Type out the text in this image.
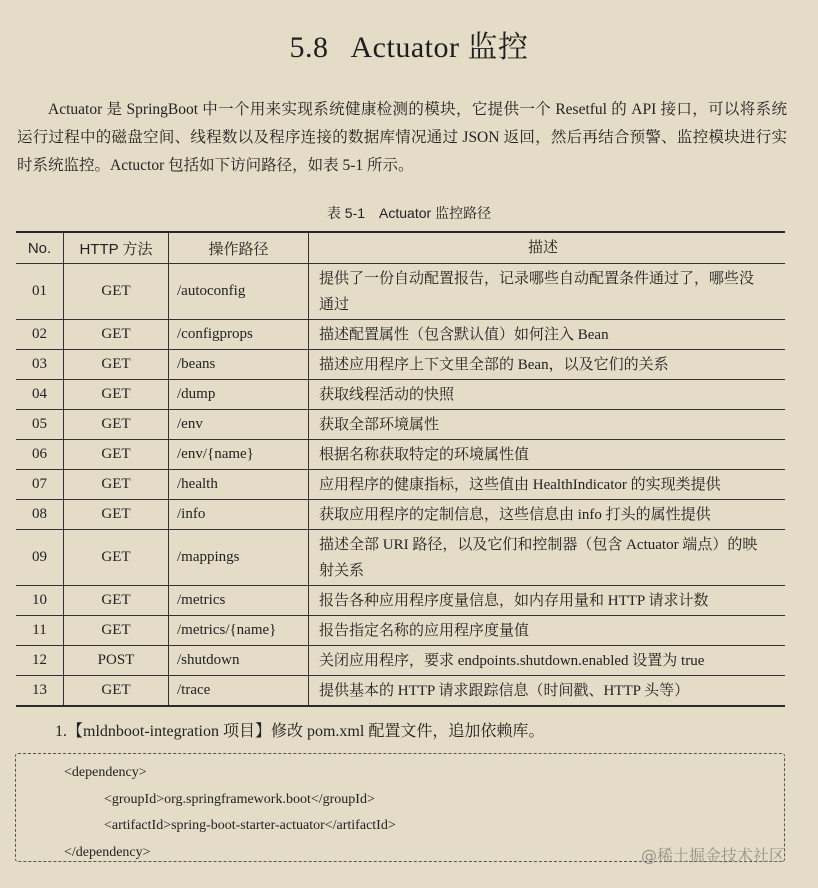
5.8 Actuator 监控

Actuator 是 SpringBoot 中一个用来实现系统健康检测的模块，它提供一个 Resetful 的 API 接口，可以将系统运行过程中的磁盘空间、线程数以及程序连接的数据库情况通过 JSON 返回，然后再结合预警、监控模块进行实时系统监控。Actuctor 包括如下访问路径，如表 5-1 所示。

表 5-1 Actuator 监控路径
No.	HTTP 方法	操作路径	描述
01	GET	/autoconfig	提供了一份自动配置报告，记录哪些自动配置条件通过了，哪些没通过
02	GET	/configprops	描述配置属性（包含默认值）如何注入 Bean
03	GET	/beans	描述应用程序上下文里全部的 Bean，以及它们的关系
04	GET	/dump	获取线程活动的快照
05	GET	/env	获取全部环境属性
06	GET	/env/{name}	根据名称获取特定的环境属性值
07	GET	/health	应用程序的健康指标，这些值由 HealthIndicator 的实现类提供
08	GET	/info	获取应用程序的定制信息，这些信息由 info 打头的属性提供
09	GET	/mappings	描述全部 URI 路径，以及它们和控制器（包含 Actuator 端点）的映射关系
10	GET	/metrics	报告各种应用程序度量信息，如内存用量和 HTTP 请求计数
11	GET	/metrics/{name}	报告指定名称的应用程序度量值
12	POST	/shutdown	关闭应用程序，要求 endpoints.shutdown.enabled 设置为 true
13	GET	/trace	提供基本的 HTTP 请求跟踪信息（时间戳、HTTP 头等）
1.【mldnboot-integration 项目】修改 pom.xml 配置文件，追加依赖库。
<dependency>
<groupId>org.springframework.boot</groupId>
<artifactId>spring-boot-starter-actuator</artifactId>
</dependency>	@稀土掘金技术社区
